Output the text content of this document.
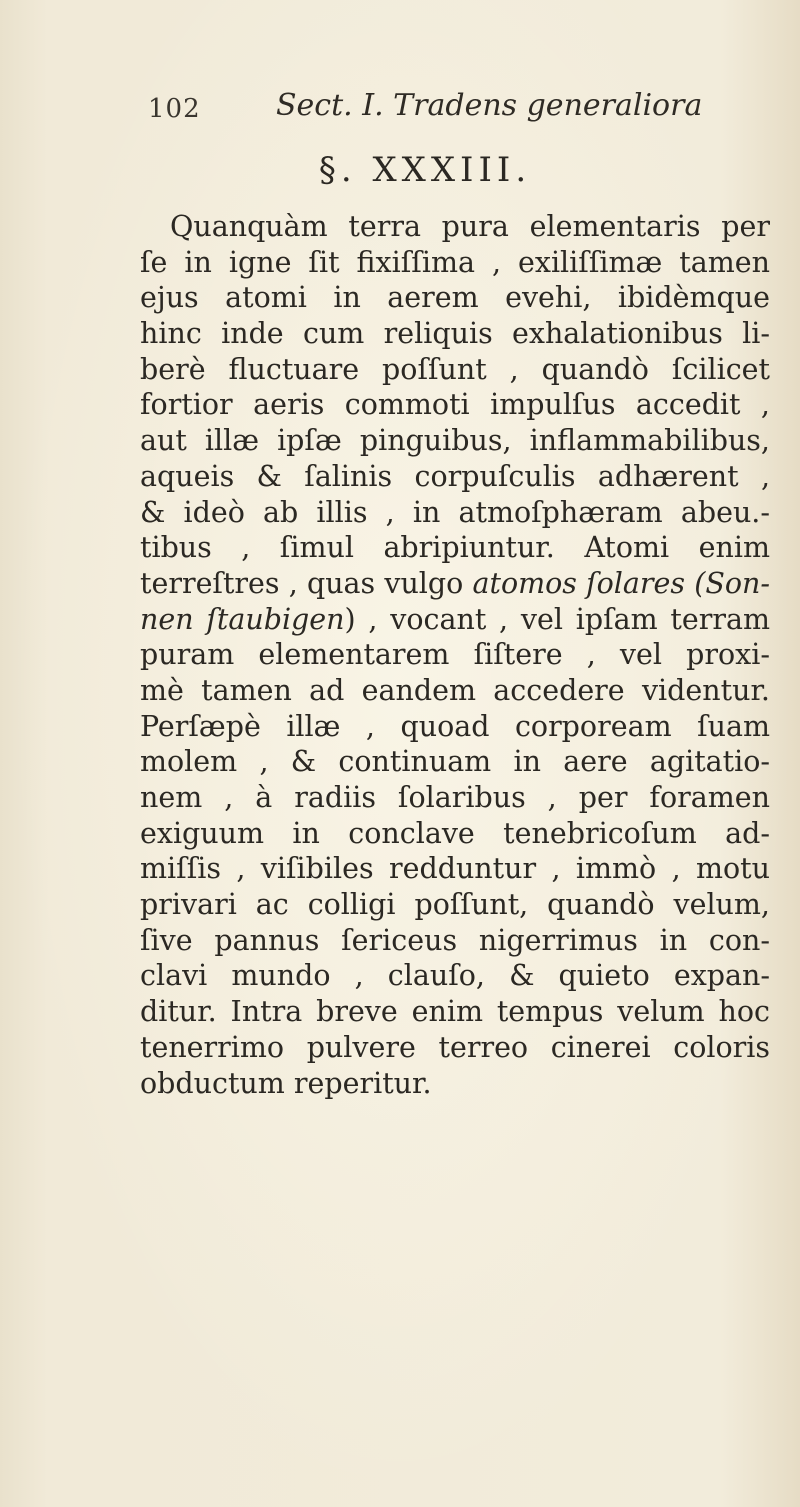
102	Sect. I. Tradens generaliora
§. XXXIII.
Quanquàm terra pura elementaris per
ſe in igne ſit fixiſſima , exiliſſimæ tamen
ejus atomi in aerem evehi, ibidèmque
hinc inde cum reliquis exhalationibus li-
berè fluctuare poſſunt , quandò ſcilicet
fortior aeris commoti impulſus accedit ,
aut illæ ipſæ pinguibus, inflammabilibus,
aqueis & ſalinis corpuſculis adhærent ,
& ideò ab illis , in atmoſphæram abeu.-
tibus , ſimul abripiuntur. Atomi enim
terreſtres , quas vulgo atomos ſolares (Son-
nen ſtaubigen) , vocant , vel ipſam terram
puram elementarem ſiſtere , vel proxi-
mè tamen ad eandem accedere videntur.
Perſæpè illæ , quoad corpoream ſuam
molem , & continuam in aere agitatio-
nem , à radiis ſolaribus , per foramen
exiguum in conclave tenebricoſum ad-
miſſis , viſibiles redduntur , immò , motu
privari ac colligi poſſunt, quandò velum,
ſive pannus ſericeus nigerrimus in con-
clavi mundo , clauſo, & quieto expan-
ditur. Intra breve enim tempus velum hoc
tenerrimo pulvere terreo cinerei coloris
obductum reperitur.
